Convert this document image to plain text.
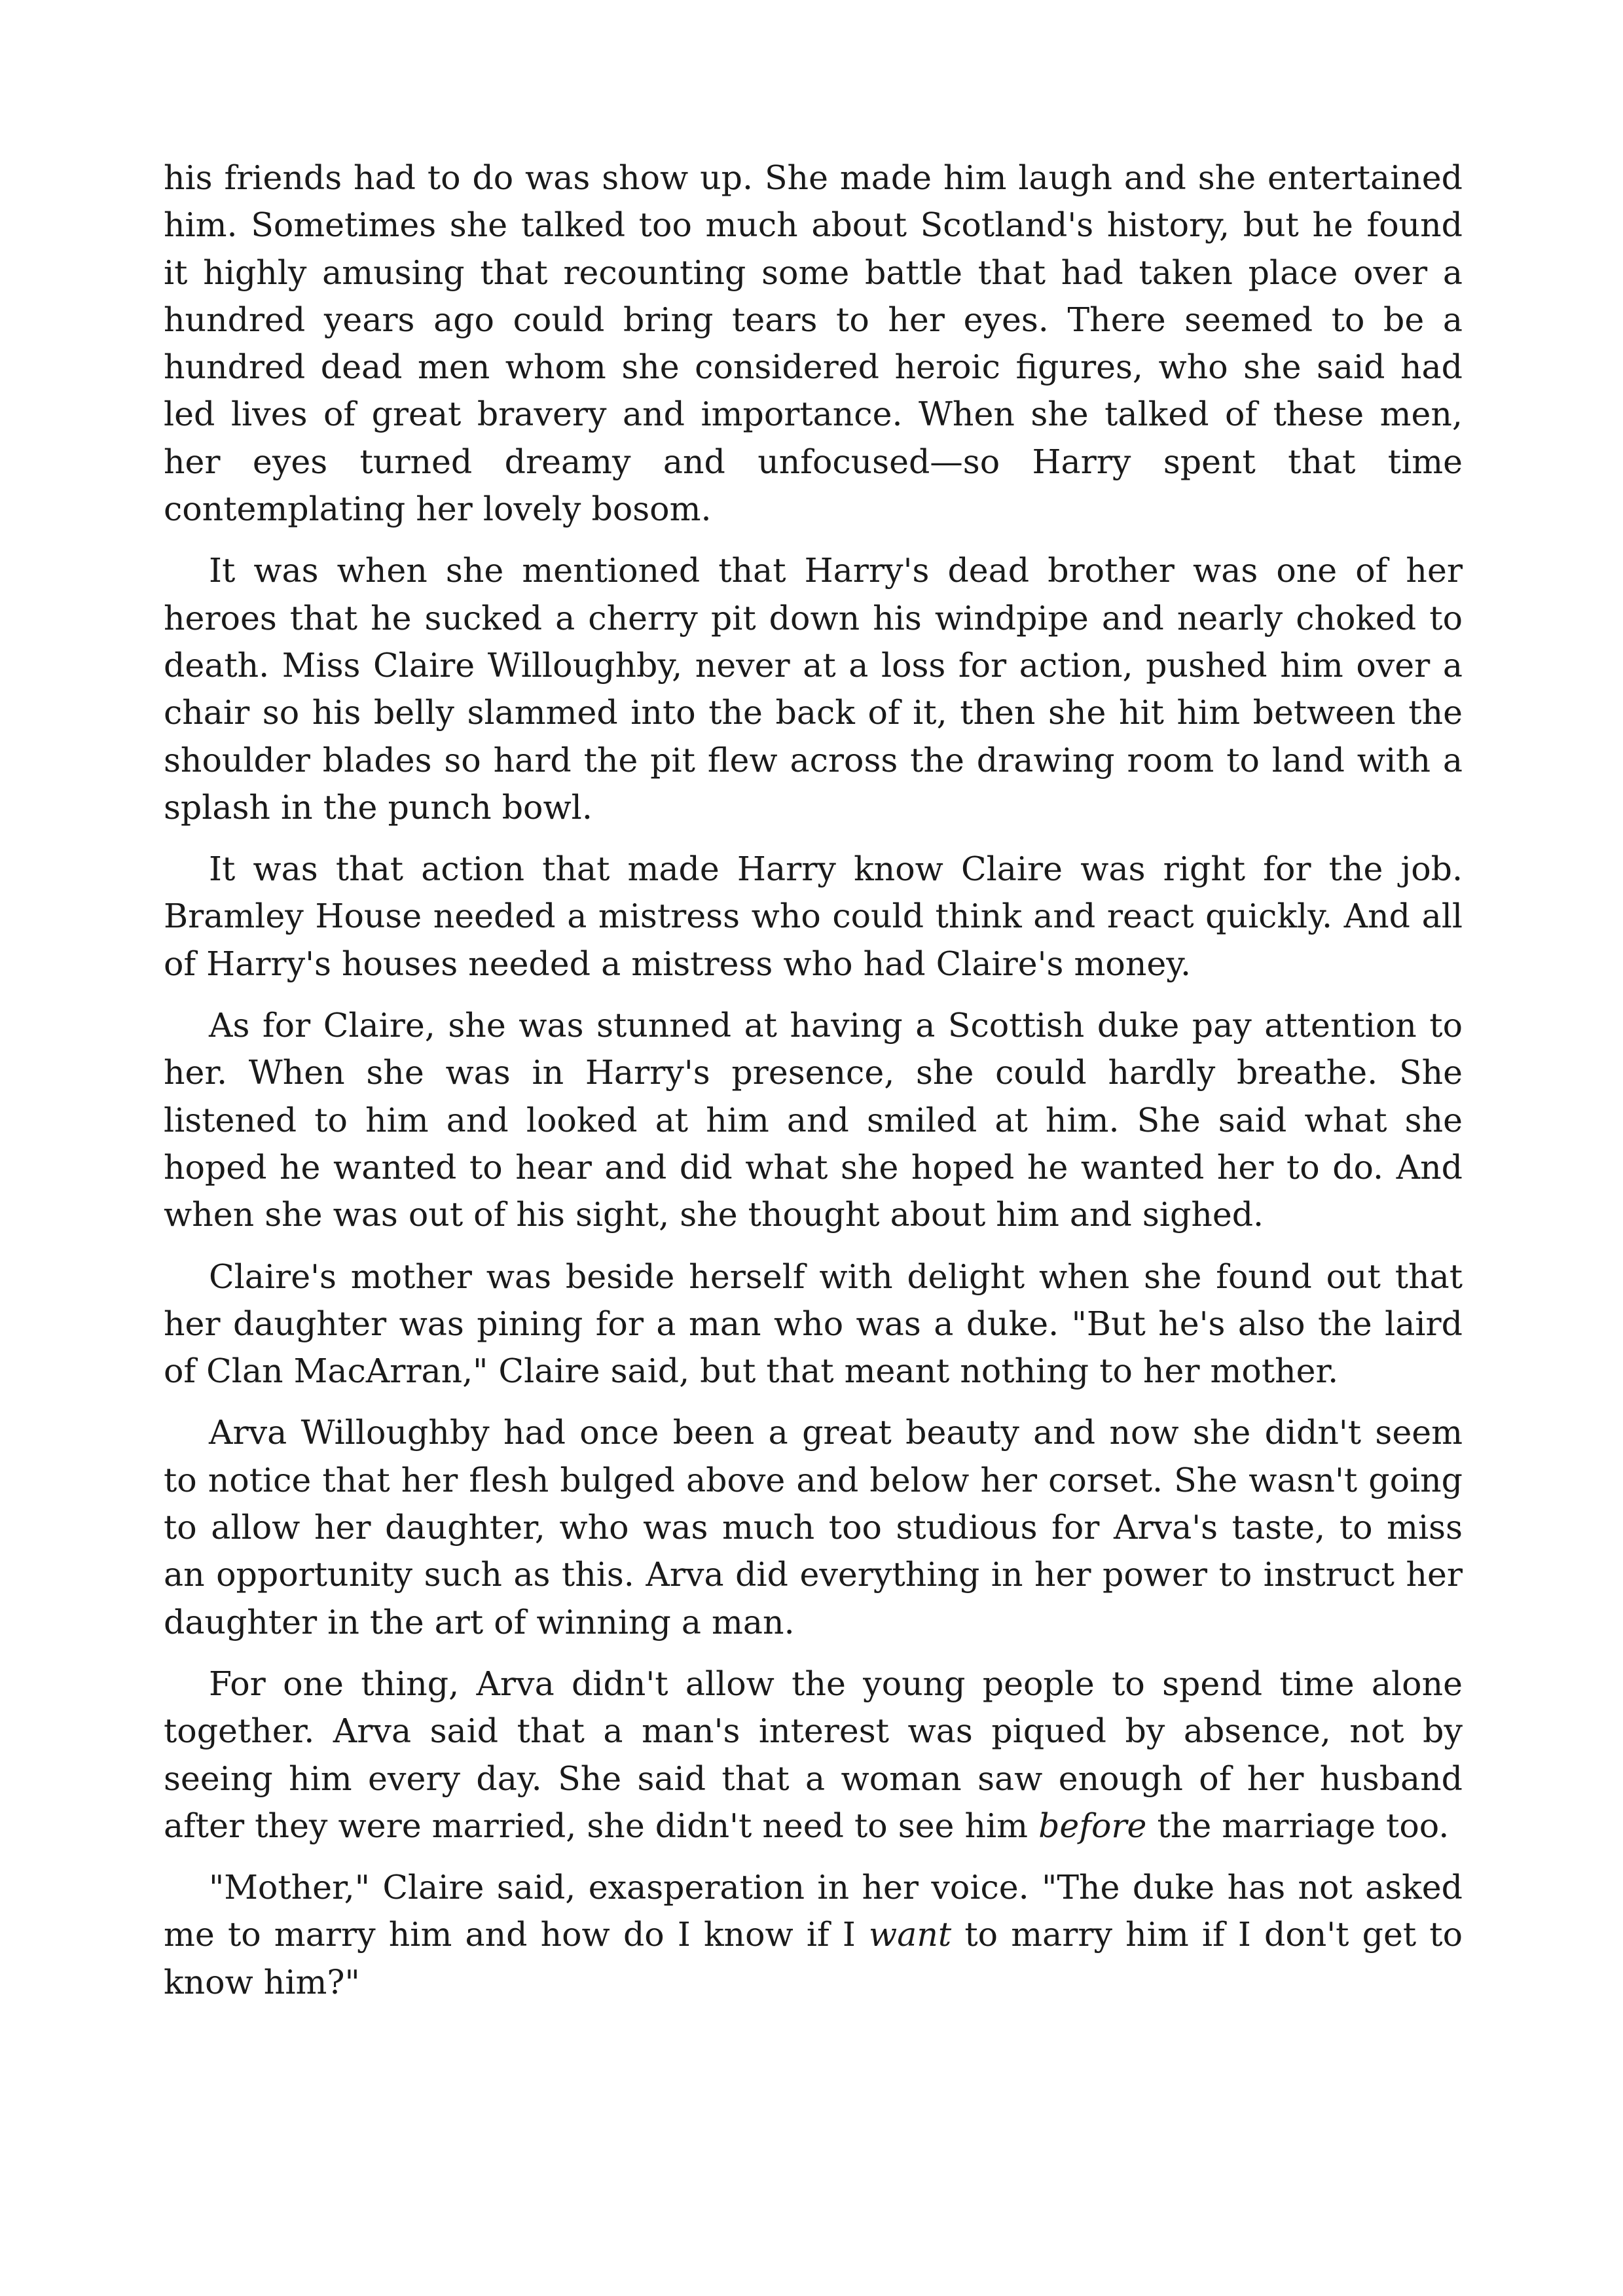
his friends had to do was show up. She made him laugh and she entertained him. Sometimes she talked too much about Scotland's history, but he found it highly amusing that recounting some battle that had taken place over a hundred years ago could bring tears to her eyes. There seemed to be a hundred dead men whom she considered heroic figures, who she said had led lives of great bravery and importance. When she talked of these men, her eyes turned dreamy and unfocused—so Harry spent that time contemplating her lovely bosom.

It was when she mentioned that Harry's dead brother was one of her heroes that he sucked a cherry pit down his windpipe and nearly choked to death. Miss Claire Willoughby, never at a loss for action, pushed him over a chair so his belly slammed into the back of it, then she hit him between the shoulder blades so hard the pit flew across the drawing room to land with a splash in the punch bowl.

It was that action that made Harry know Claire was right for the job. Bramley House needed a mistress who could think and react quickly. And all of Harry's houses needed a mistress who had Claire's money.

As for Claire, she was stunned at having a Scottish duke pay attention to her. When she was in Harry's presence, she could hardly breathe. She listened to him and looked at him and smiled at him. She said what she hoped he wanted to hear and did what she hoped he wanted her to do. And when she was out of his sight, she thought about him and sighed.

Claire's mother was beside herself with delight when she found out that her daughter was pining for a man who was a duke. "But he's also the laird of Clan MacArran," Claire said, but that meant nothing to her mother.

Arva Willoughby had once been a great beauty and now she didn't seem to notice that her flesh bulged above and below her corset. She wasn't going to allow her daughter, who was much too studious for Arva's taste, to miss an opportunity such as this. Arva did everything in her power to instruct her daughter in the art of winning a man.

For one thing, Arva didn't allow the young people to spend time alone together. Arva said that a man's interest was piqued by absence, not by seeing him every day. She said that a woman saw enough of her husband after they were married, she didn't need to see him before the marriage too.

"Mother," Claire said, exasperation in her voice. "The duke has not asked me to marry him and how do I know if I want to marry him if I don't get to know him?"
